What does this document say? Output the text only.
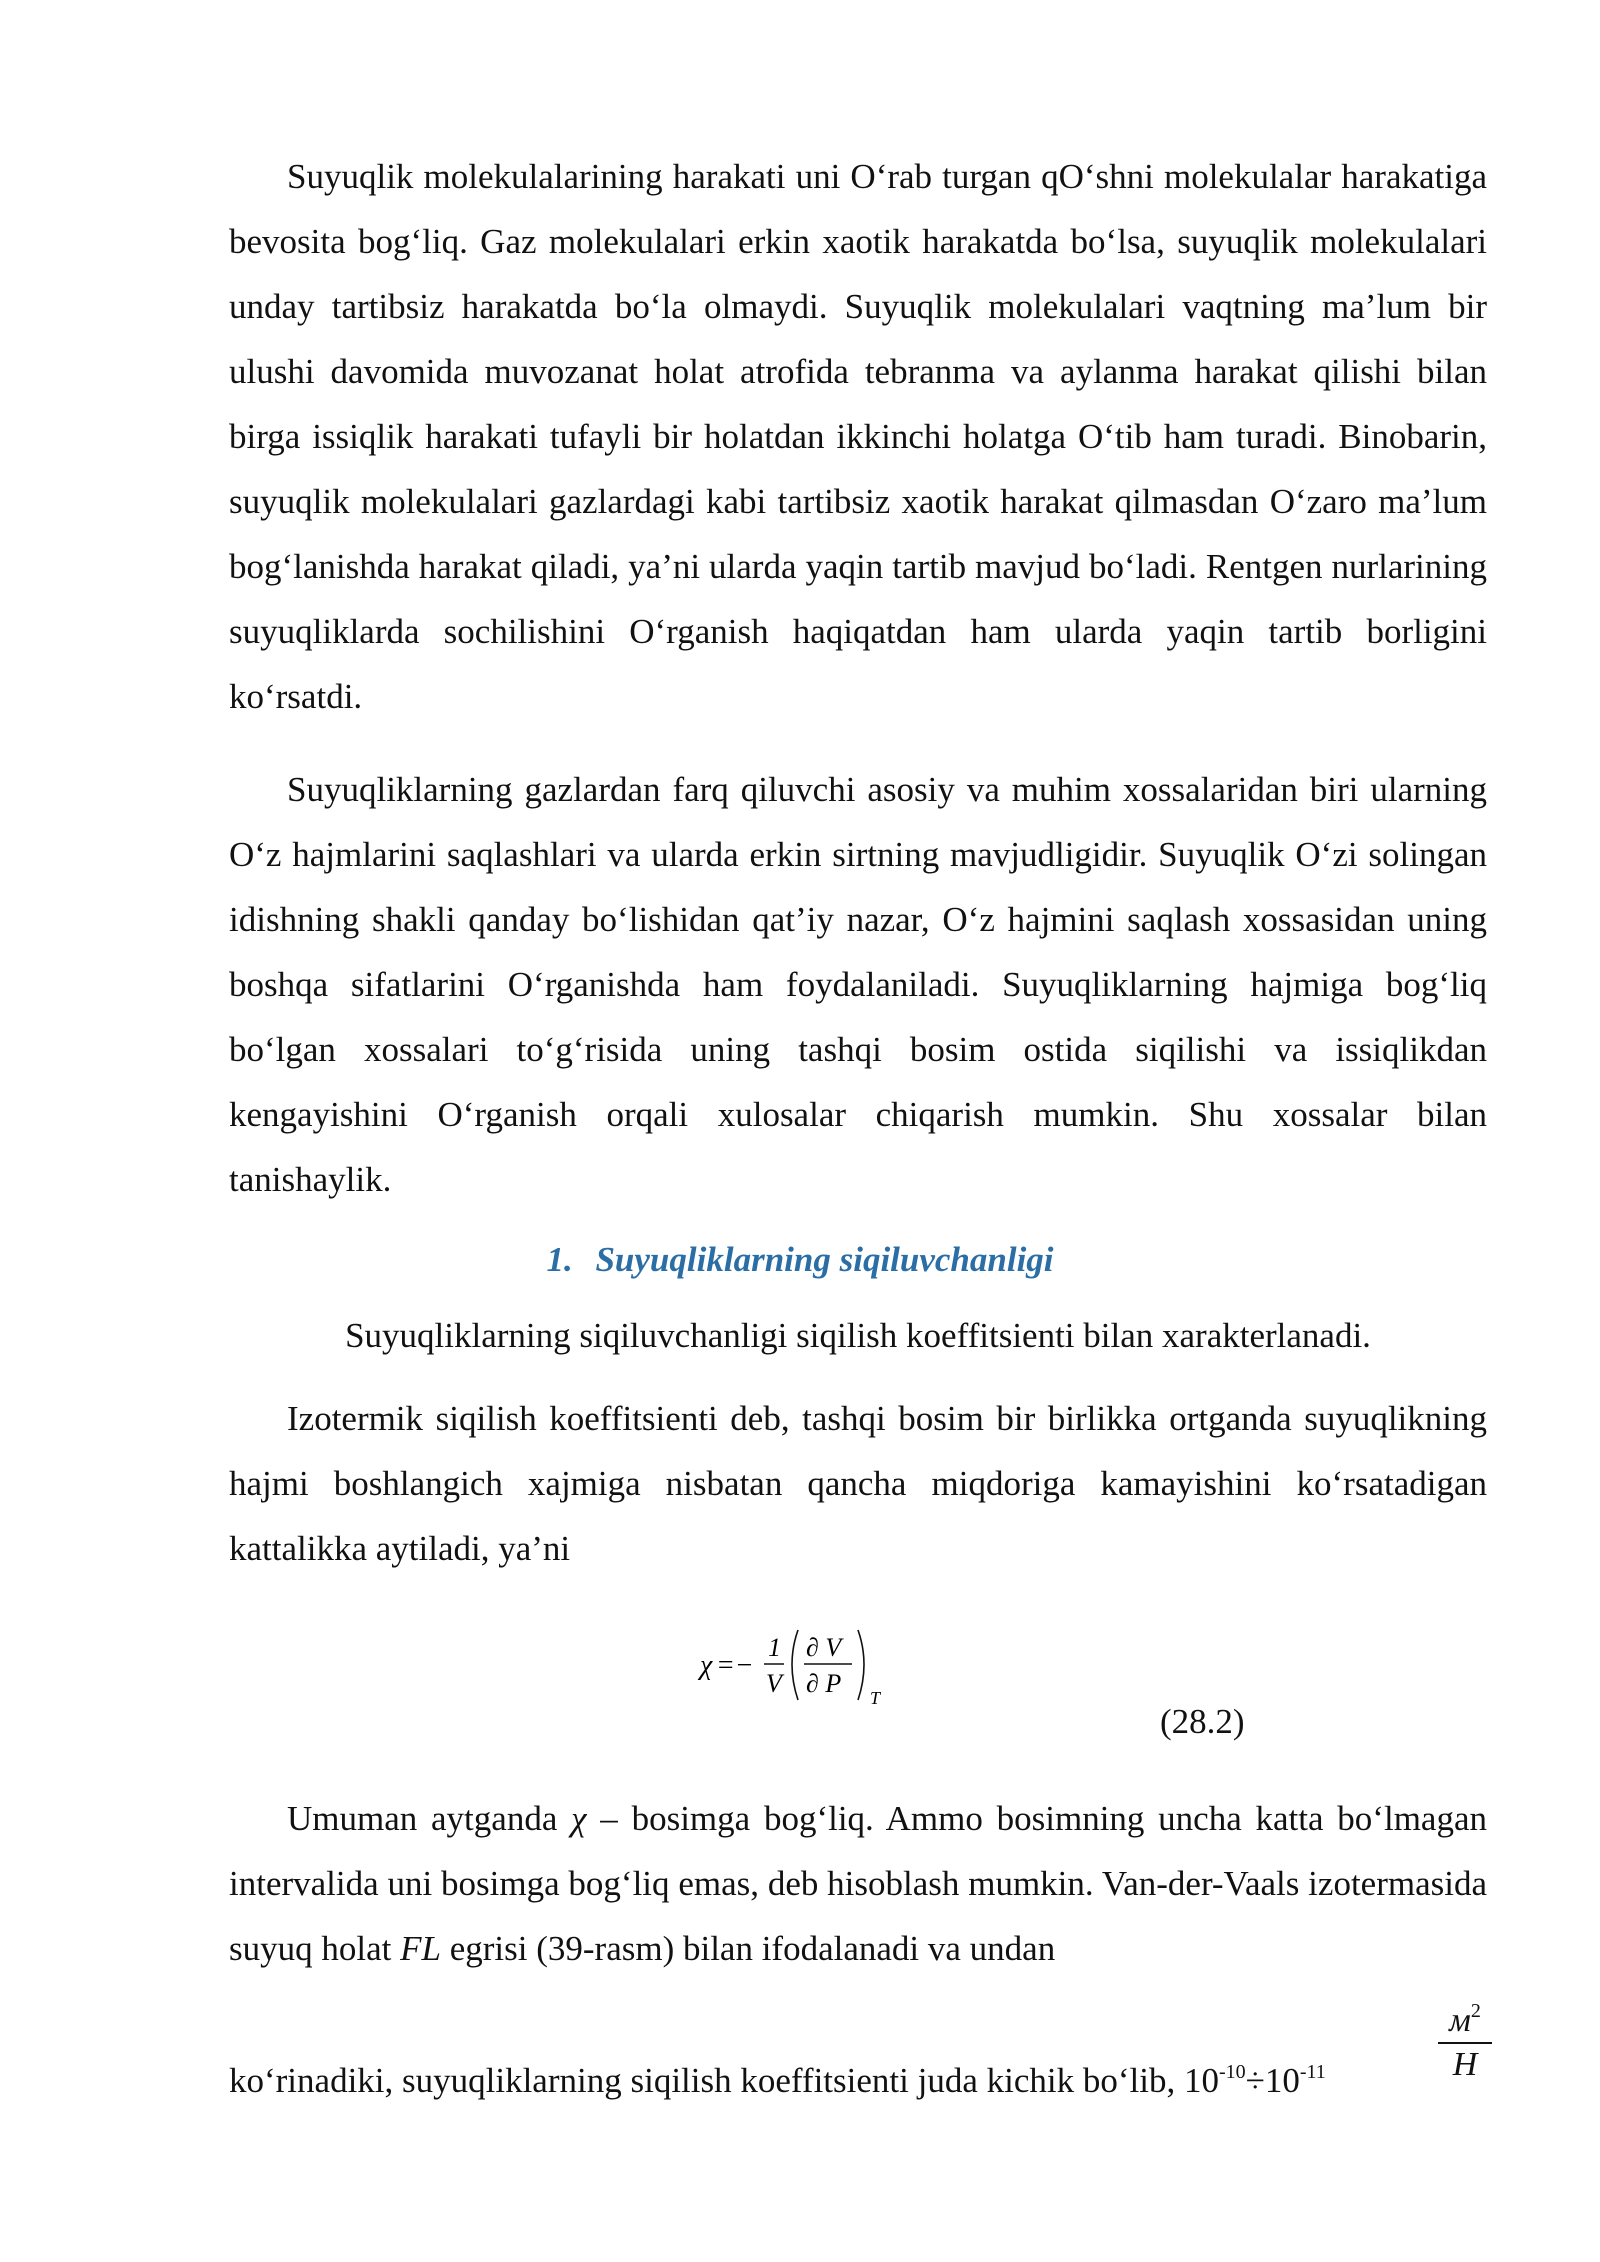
Suyuqlik molekulalarining harakati uni O‘rab turgan qO‘shni molekulalar harakatiga bevosita bog‘liq. Gaz molekulalari erkin xaotik harakatda bo‘lsa, suyuqlik molekulalari unday tartibsiz harakatda bo‘la olmaydi. Suyuqlik molekulalari vaqtning ma’lum bir ulushi davomida muvozanat holat atrofida tebranma va aylanma harakat qilishi bilan birga issiqlik harakati tufayli bir holatdan ikkinchi holatga O‘tib ham turadi. Binobarin, suyuqlik molekulalari gazlardagi kabi tartibsiz xaotik harakat qilmasdan O‘zaro ma’lum bog‘lanishda harakat qiladi, ya’ni ularda yaqin tartib mavjud bo‘ladi. Rentgen nurlarining suyuqliklarda sochilishini O‘rganish haqiqatdan ham ularda yaqin tartib borligini ko‘rsatdi.

Suyuqliklarning gazlardan farq qiluvchi asosiy va muhim xossalaridan biri ularning O‘z hajmlarini saqlashlari va ularda erkin sirtning mavjudligidir. Suyuqlik O‘zi solingan idishning shakli qanday bo‘lishidan qat’iy nazar, O‘z hajmini saqlash xossasidan uning boshqa sifatlarini O‘rganishda ham foydalaniladi. Suyuqliklarning hajmiga bog‘liq bo‘lgan xossalari to‘g‘risida uning tashqi bosim ostida siqilishi va issiqlikdan kengayishini O‘rganish orqali xulosalar chiqarish mumkin. Shu xossalar bilan tanishaylik.

1. Suyuqliklarning siqiluvchanligi

Suyuqliklarning siqiluvchanligi siqilish koeffitsienti bilan xarakterlanadi.

Izotermik siqilish koeffitsienti deb, tashqi bosim bir birlikka ortganda suyuqlikning hajmi boshlangich xajmiga nisbatan qancha miqdoriga kamayishini ko‘rsatadigan kattalikka aytiladi, ya’ni

χ =−
1
V
∂ V
∂ P T
(28.2)

Umuman aytganda χ – bosimga bog‘liq. Ammo bosimning uncha katta bo‘lmagan intervalida uni bosimga bog‘liq emas, deb hisoblash mumkin. Van-der-Vaals izotermasida suyuq holat FL egrisi (39-rasm) bilan ifodalanadi va undan

ko‘rinadiki, suyuqliklarning siqilish koeffitsienti juda kichik bo‘lib, $10^{-10}\div 10^{-11}$
$м^2$
Н
